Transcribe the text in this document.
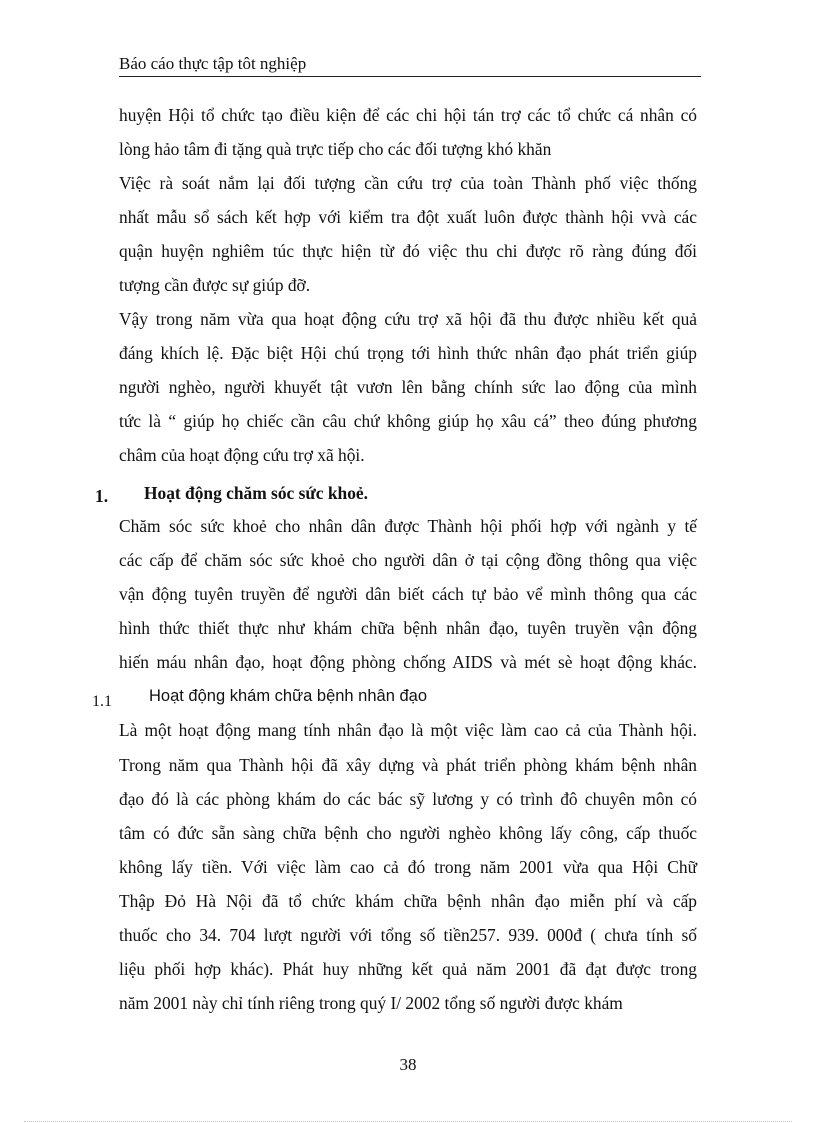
Báo cáo thực tập tôt nghiệp
huyện Hội tổ chức tạo điều kiện để các chi hội tán trợ các tổ chức cá nhân có
lòng hảo tâm đi tặng quà trực tiếp cho các đối tượng khó khăn
Việc rà soát nắm lại đối tượng cần cứu trợ của toàn Thành phố việc thống
nhất mẫu sổ sách kết hợp với kiểm tra đột xuất luôn được thành hội vvà các
quận huyện nghiêm túc thực hiện từ đó việc thu chi được rõ ràng đúng đối
tượng cần được sự giúp đỡ.
Vậy trong năm vừa qua hoạt động cứu trợ xã hội đã thu được nhiều kết quả
đáng khích lệ. Đặc biệt Hội chú trọng tới hình thức nhân đạo phát triển giúp
người nghèo, người khuyết tật vươn lên bằng chính sức lao động của mình
tức là “ giúp họ chiếc cần câu chứ không giúp họ xâu cá” theo đúng phương
châm của hoạt động cứu trợ xã hội.
1. Hoạt động chăm sóc sức khoẻ.
Chăm sóc sức khoẻ cho nhân dân được Thành hội phối hợp với ngành y tế
các cấp để chăm sóc sức khoẻ cho người dân ở tại cộng đồng thông qua việc
vận động tuyên truyền để người dân biết cách tự bảo vể mình thông qua các
hình thức thiết thực như khám chữa bệnh nhân đạo, tuyên truyền vận động
hiến máu nhân đạo, hoạt động phòng chống AIDS và mét sè hoạt động khác.
1.1 Hoạt động khám chữa bệnh nhân đạo
Là một hoạt động mang tính nhân đạo là một việc làm cao cả của Thành hội.
Trong năm qua Thành hội đã xây dựng và phát triển phòng khám bệnh nhân
đạo đó là các phòng khám do các bác sỹ lương y có trình đô chuyên môn có
tâm có đức sẵn sàng chữa bệnh cho người nghèo không lấy công, cấp thuốc
không lấy tiền. Với việc làm cao cả đó trong năm 2001 vừa qua Hội Chữ
Thập Đỏ Hà Nội đã tổ chức khám chữa bệnh nhân đạo miễn phí và cấp
thuốc cho 34. 704 lượt người với tổng số tiền257. 939. 000đ ( chưa tính số
liệu phối hợp khác). Phát huy những kết quả năm 2001 đã đạt được trong
năm 2001 này chỉ tính riêng trong quý I/ 2002 tổng số người được khám
38
